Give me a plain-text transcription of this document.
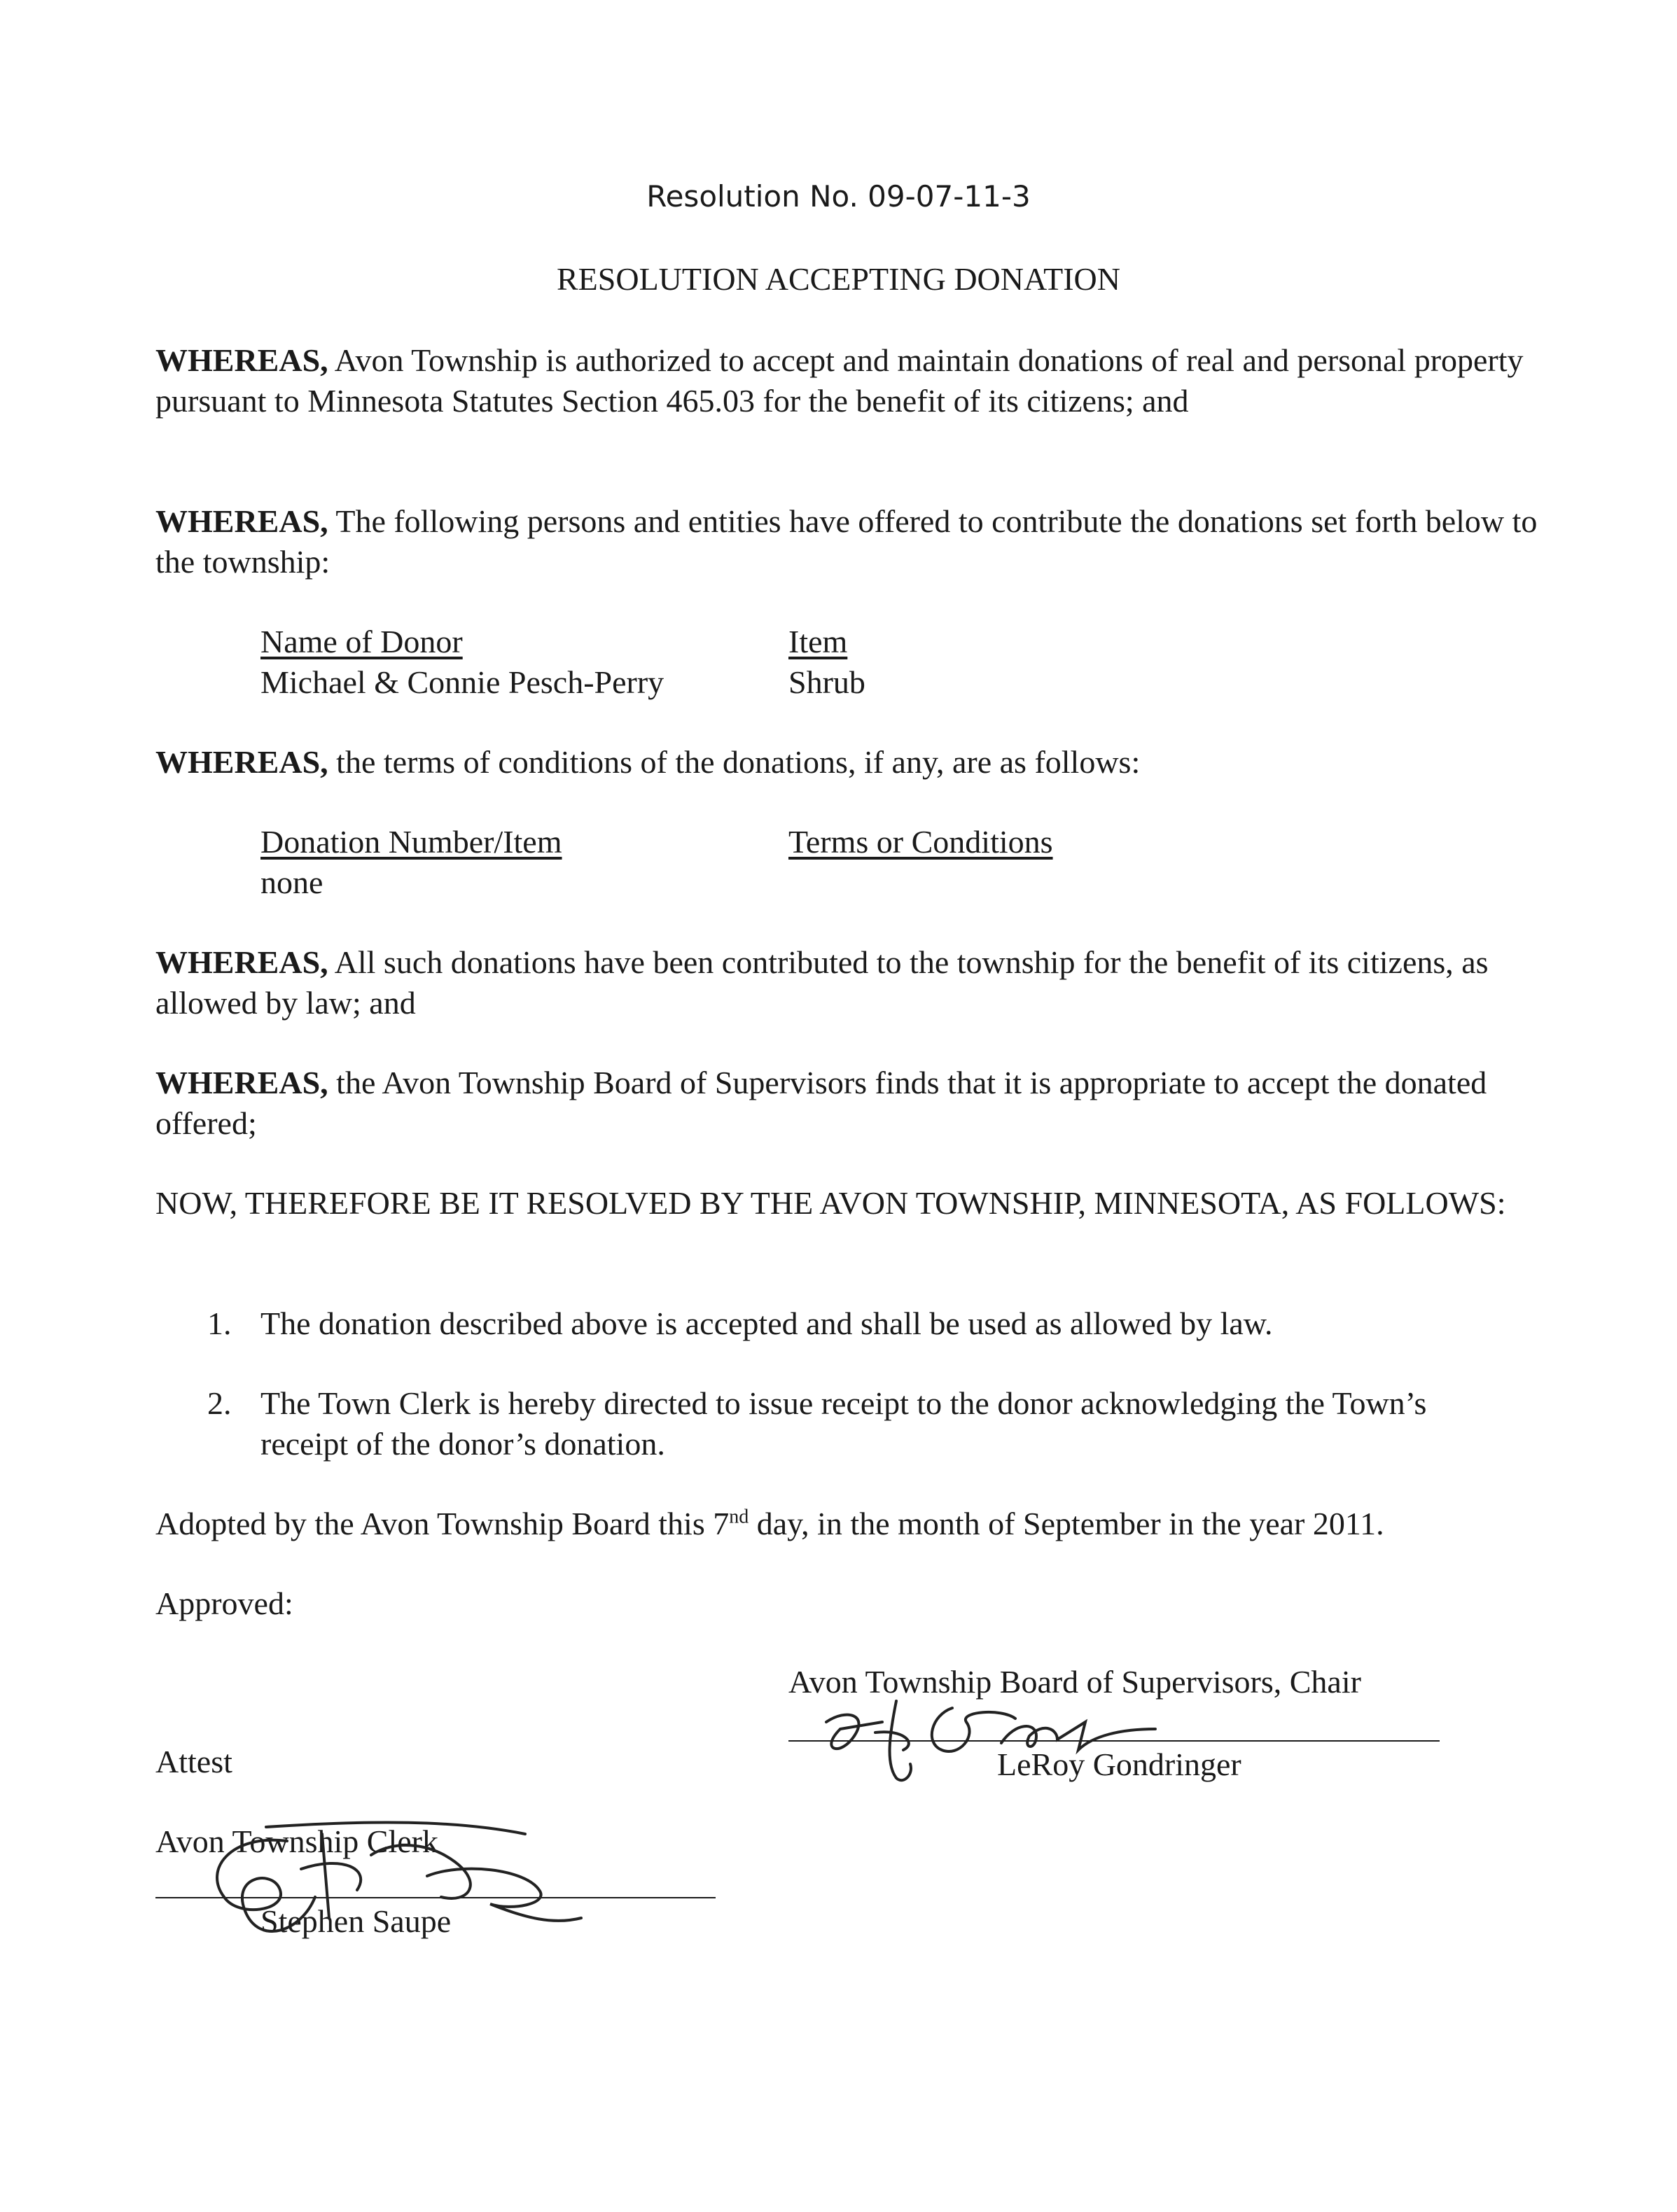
Resolution No. 09-07-11-3
RESOLUTION ACCEPTING DONATION
WHEREAS, Avon Township is authorized to accept and maintain donations of real and personal property pursuant to Minnesota Statutes Section 465.03 for the benefit of its citizens; and
WHEREAS, The following persons and entities have offered to contribute the donations set forth below to the township:
Name of Donor	Item
Michael & Connie Pesch-Perry	Shrub
WHEREAS, the terms of conditions of the donations, if any, are as follows:
Donation Number/Item	Terms or Conditions
none
WHEREAS, All such donations have been contributed to the township for the benefit of its citizens, as allowed by law; and
WHEREAS, the Avon Township Board of Supervisors finds that it is appropriate to accept the donated offered;
NOW, THEREFORE BE IT RESOLVED BY THE AVON TOWNSHIP, MINNESOTA, AS FOLLOWS:
1. The donation described above is accepted and shall be used as allowed by law.
2. The Town Clerk is hereby directed to issue receipt to the donor acknowledging the Town’s receipt of the donor’s donation.
Adopted by the Avon Township Board this 7nd day, in the month of September in the year 2011.
Approved:
Avon Township Board of Supervisors, Chair
LeRoy Gondringer
Attest
Avon Township Clerk
Stephen Saupe
